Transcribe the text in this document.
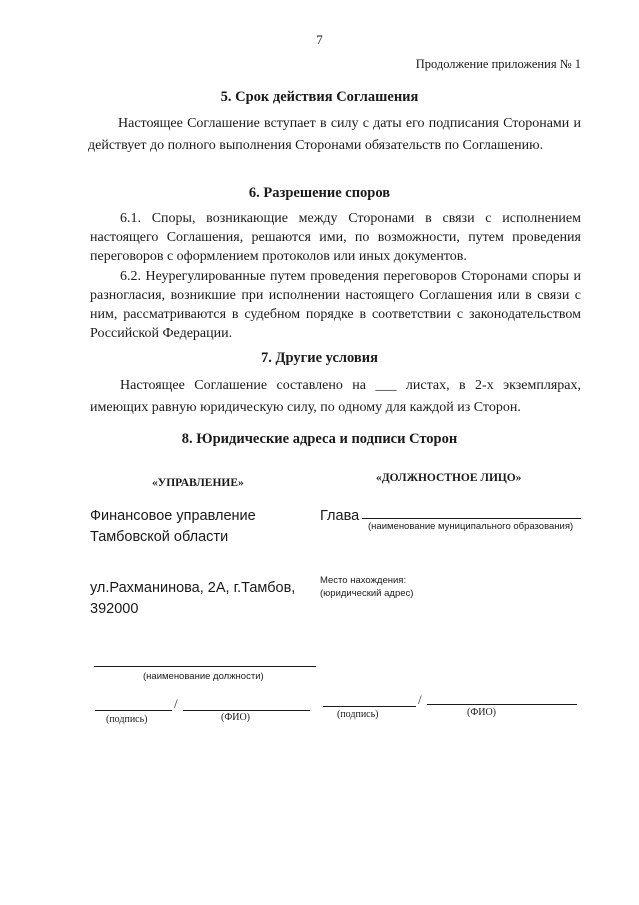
7
Продолжение приложения № 1
5. Срок действия Соглашения
Настоящее Соглашение вступает в силу с даты его подписания Сторонами и действует до полного выполнения Сторонами обязательств по Соглашению.
6. Разрешение споров
6.1. Споры, возникающие между Сторонами в связи с исполнением настоящего Соглашения, решаются ими, по возможности, путем проведения переговоров с оформлением протоколов или иных документов.
6.2. Неурегулированные путем проведения переговоров Сторонами споры и разногласия, возникшие при исполнении настоящего Соглашения или в связи с ним, рассматриваются в судебном порядке в соответствии с законодательством Российской Федерации.
7. Другие условия
Настоящее Соглашение составлено на ___ листах, в 2-х экземплярах, имеющих равную юридическую силу, по одному для каждой из Сторон.
8. Юридические адреса и подписи Сторон
«УПРАВЛЕНИЕ»
Финансовое управление
Тамбовской области
ул.Рахманинова, 2А, г.Тамбов,
392000
(наименование должности)
/
(подпись)	(ФИО)
«ДОЛЖНОСТНОЕ ЛИЦО»
Глава
(наименование муниципального образования)
Место нахождения:
(юридический адрес)
/
(подпись)	(ФИО)
